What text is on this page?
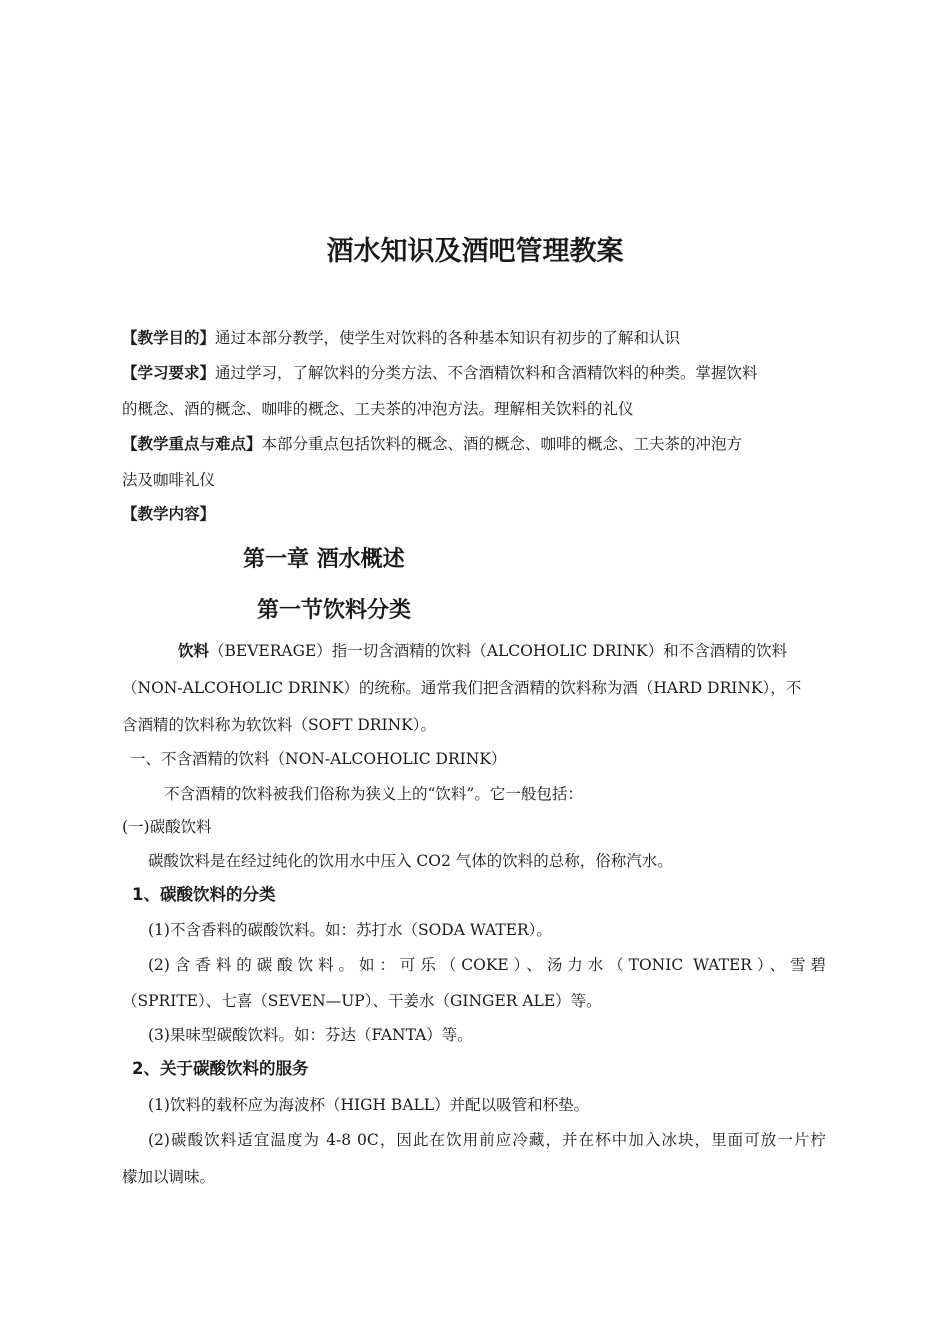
酒水知识及酒吧管理教案
【教学目的】通过本部分教学，使学生对饮料的各种基本知识有初步的了解和认识
【学习要求】通过学习，了解饮料的分类方法、不含酒精饮料和含酒精饮料的种类。掌握饮料
的概念、酒的概念、咖啡的概念、工夫茶的冲泡方法。理解相关饮料的礼仪
【教学重点与难点】本部分重点包括饮料的概念、酒的概念、咖啡的概念、工夫茶的冲泡方
法及咖啡礼仪
【教学内容】
第一章 酒水概述
第一节饮料分类
饮料（BEVERAGE）指一切含酒精的饮料（ALCOHOLIC DRINK）和不含酒精的饮料
（NON-ALCOHOLIC DRINK）的统称。通常我们把含酒精的饮料称为酒（HARD DRINK），不
含酒精的饮料称为软饮料（SOFT DRINK）。
一、不含酒精的饮料（NON-ALCOHOLIC DRINK）
不含酒精的饮料被我们俗称为狭义上的“饮料”。它一般包括：
(一)碳酸饮料
碳酸饮料是在经过纯化的饮用水中压入 CO2 气体的饮料的总称，俗称汽水。
1、碳酸饮料的分类
(1)不含香料的碳酸饮料。如：苏打水（SODA WATER）。
(2)含香料的碳酸饮料。如：可乐（COKE）、汤力水（TONIC WATER）、雪碧
（SPRITE）、七喜（SEVEN—UP）、干姜水（GINGER ALE）等。
(3)果味型碳酸饮料。如：芬达（FANTA）等。
2、关于碳酸饮料的服务
(1)饮料的载杯应为海波杯（HIGH BALL）并配以吸管和杯垫。
(2)碳酸饮料适宜温度为 4-8 0C，因此在饮用前应冷藏，并在杯中加入冰块，里面可放一片柠
檬加以调味。
